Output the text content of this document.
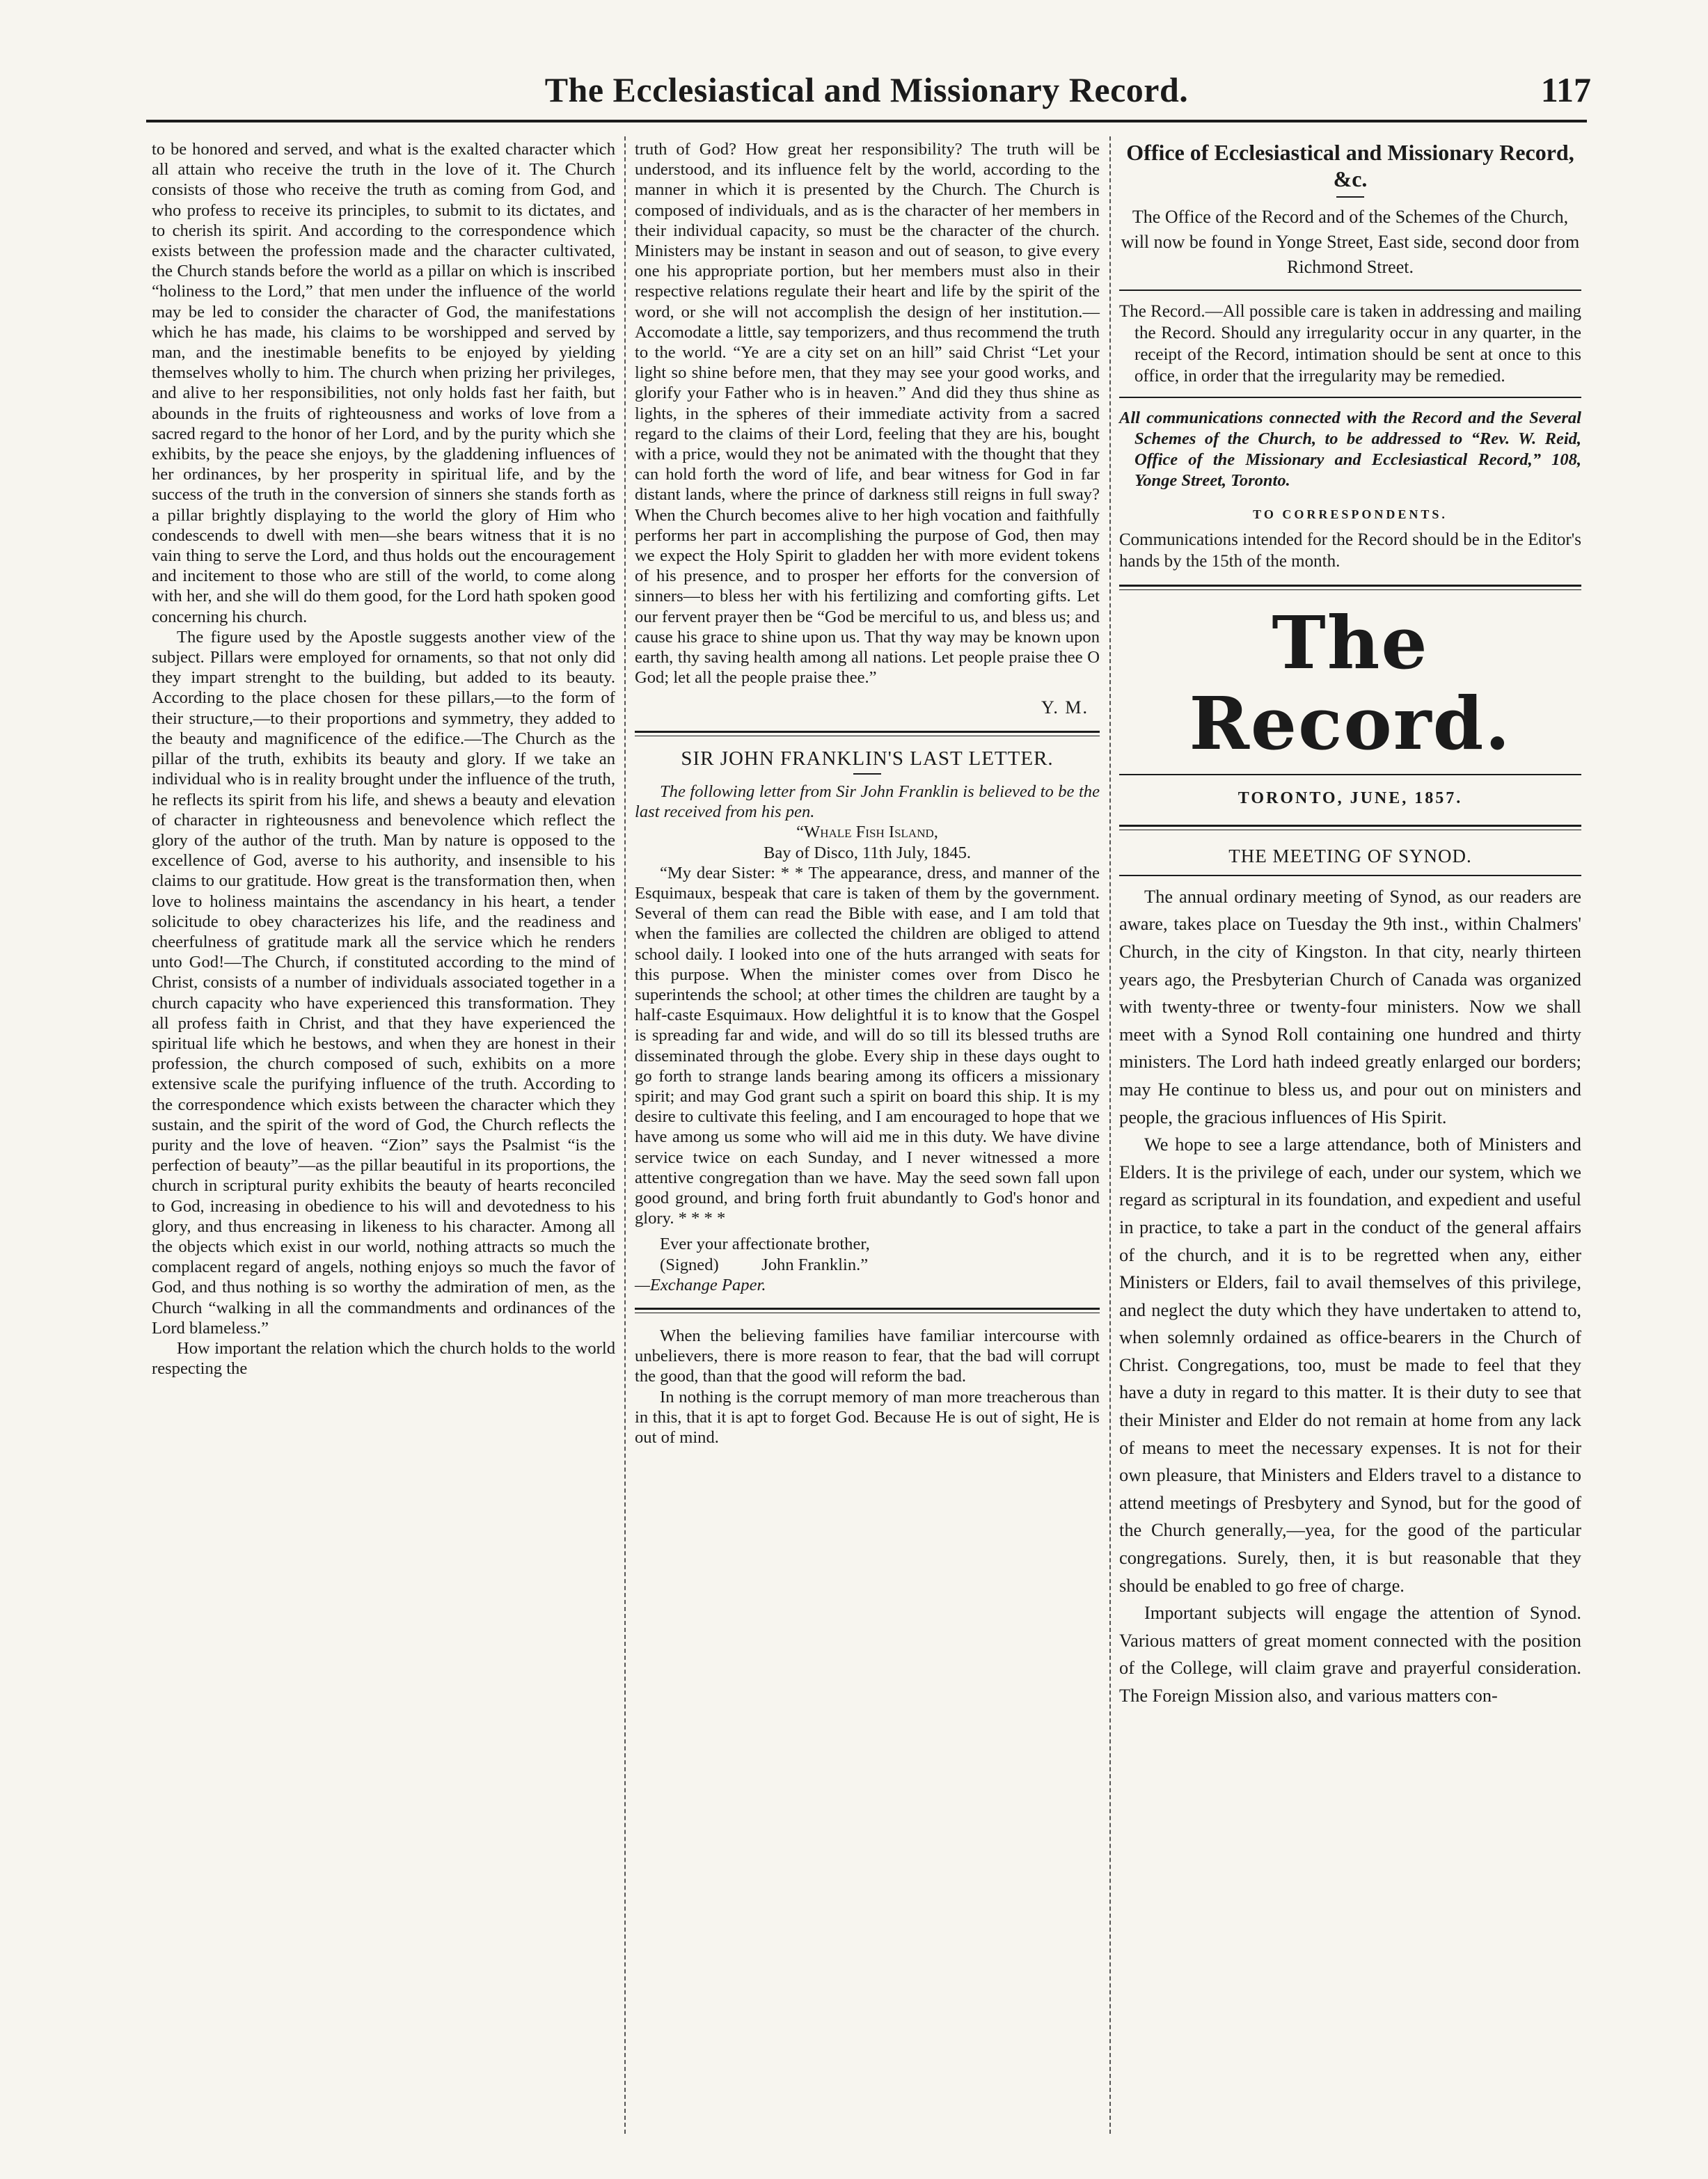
The Ecclesiastical and Missionary Record.	117

to be honored and served, and what is the exalted character which all attain who receive the truth in the love of it. The Church consists of those who receive the truth as coming from God, and who profess to receive its principles, to submit to its dictates, and to cherish its spirit. And according to the correspondence which exists between the profession made and the character cultivated, the Church stands before the world as a pillar on which is inscribed “holiness to the Lord,” that men under the influence of the world may be led to consider the character of God, the manifestations which he has made, his claims to be worshipped and served by man, and the inestimable benefits to be enjoyed by yielding themselves wholly to him. The church when prizing her privileges, and alive to her responsibilities, not only holds fast her faith, but abounds in the fruits of righteousness and works of love from a sacred regard to the honor of her Lord, and by the purity which she exhibits, by the peace she enjoys, by the gladdening influences of her ordinances, by her prosperity in spiritual life, and by the success of the truth in the conversion of sinners she stands forth as a pillar brightly displaying to the world the glory of Him who condescends to dwell with men—she bears witness that it is no vain thing to serve the Lord, and thus holds out the encouragement and incitement to those who are still of the world, to come along with her, and she will do them good, for the Lord hath spoken good concerning his church.

The figure used by the Apostle suggests another view of the subject. Pillars were employed for ornaments, so that not only did they impart strenght to the building, but added to its beauty. According to the place chosen for these pillars,—to the form of their structure,—to their proportions and symmetry, they added to the beauty and magnificence of the edifice.—The Church as the pillar of the truth, exhibits its beauty and glory. If we take an individual who is in reality brought under the influence of the truth, he reflects its spirit from his life, and shews a beauty and elevation of character in righteousness and benevolence which reflect the glory of the author of the truth. Man by nature is opposed to the excellence of God, averse to his authority, and insensible to his claims to our gratitude. How great is the transformation then, when love to holiness maintains the ascendancy in his heart, a tender solicitude to obey characterizes his life, and the readiness and cheerfulness of gratitude mark all the service which he renders unto God!—The Church, if constituted according to the mind of Christ, consists of a number of individuals associated together in a church capacity who have experienced this transformation. They all profess faith in Christ, and that they have experienced the spiritual life which he bestows, and when they are honest in their profession, the church composed of such, exhibits on a more extensive scale the purifying influence of the truth. According to the correspondence which exists between the character which they sustain, and the spirit of the word of God, the Church reflects the purity and the love of heaven. “Zion” says the Psalmist “is the perfection of beauty”—as the pillar beautiful in its proportions, the church in scriptural purity exhibits the beauty of hearts reconciled to God, increasing in obedience to his will and devotedness to his glory, and thus encreasing in likeness to his character. Among all the objects which exist in our world, nothing attracts so much the complacent regard of angels, nothing enjoys so much the favor of God, and thus nothing is so worthy the admiration of men, as the Church “walking in all the commandments and ordinances of the Lord blameless.”

How important the relation which the church holds to the world respecting the

truth of God? How great her responsibility? The truth will be understood, and its influence felt by the world, according to the manner in which it is presented by the Church. The Church is composed of individuals, and as is the character of her members in their individual capacity, so must be the character of the church. Ministers may be instant in season and out of season, to give every one his appropriate portion, but her members must also in their respective relations regulate their heart and life by the spirit of the word, or she will not accomplish the design of her institution.—Accomodate a little, say temporizers, and thus recommend the truth to the world. “Ye are a city set on an hill” said Christ “Let your light so shine before men, that they may see your good works, and glorify your Father who is in heaven.” And did they thus shine as lights, in the spheres of their immediate activity from a sacred regard to the claims of their Lord, feeling that they are his, bought with a price, would they not be animated with the thought that they can hold forth the word of life, and bear witness for God in far distant lands, where the prince of darkness still reigns in full sway? When the Church becomes alive to her high vocation and faithfully performs her part in accomplishing the purpose of God, then may we expect the Holy Spirit to gladden her with more evident tokens of his presence, and to prosper her efforts for the conversion of sinners—to bless her with his fertilizing and comforting gifts. Let our fervent prayer then be “God be merciful to us, and bless us; and cause his grace to shine upon us. That thy way may be known upon earth, thy saving health among all nations. Let people praise thee O God; let all the people praise thee.”

Y. M.

SIR JOHN FRANKLIN'S LAST LETTER.

The following letter from Sir John Franklin is believed to be the last received from his pen.

“Whale Fish Island,

Bay of Disco, 11th July, 1845.

“My dear Sister: * * The appearance, dress, and manner of the Esquimaux, bespeak that care is taken of them by the government. Several of them can read the Bible with ease, and I am told that when the families are collected the children are obliged to attend school daily. I looked into one of the huts arranged with seats for this purpose. When the minister comes over from Disco he superintends the school; at other times the children are taught by a half-caste Esquimaux. How delightful it is to know that the Gospel is spreading far and wide, and will do so till its blessed truths are disseminated through the globe. Every ship in these days ought to go forth to strange lands bearing among its officers a missionary spirit; and may God grant such a spirit on board this ship. It is my desire to cultivate this feeling, and I am encouraged to hope that we have among us some who will aid me in this duty. We have divine service twice on each Sunday, and I never witnessed a more attentive congregation than we have. May the seed sown fall upon good ground, and bring forth fruit abundantly to God's honor and glory. * * * *

Ever your affectionate brother,

(Signed)          John Franklin.”

—Exchange Paper.

When the believing families have familiar intercourse with unbelievers, there is more reason to fear, that the bad will corrupt the good, than that the good will reform the bad.

In nothing is the corrupt memory of man more treacherous than in this, that it is apt to forget God. Because He is out of sight, He is out of mind.

Office of Ecclesiastical and Missionary Record, &c.

The Office of the Record and of the Schemes of the Church, will now be found in Yonge Street, East side, second door from Richmond Street.

The Record.—All possible care is taken in addressing and mailing the Record. Should any irregularity occur in any quarter, in the receipt of the Record, intimation should be sent at once to this office, in order that the irregularity may be remedied.

All communications connected with the Record and the Several Schemes of the Church, to be addressed to “Rev. W. Reid, Office of the Missionary and Ecclesiastical Record,” 108, Yonge Street, Toronto.

TO CORRESPONDENTS.

Communications intended for the Record should be in the Editor's hands by the 15th of the month.

The Record.

TORONTO, JUNE, 1857.

THE MEETING OF SYNOD.

The annual ordinary meeting of Synod, as our readers are aware, takes place on Tuesday the 9th inst., within Chalmers' Church, in the city of Kingston. In that city, nearly thirteen years ago, the Presbyterian Church of Canada was organized with twenty-three or twenty-four ministers. Now we shall meet with a Synod Roll containing one hundred and thirty ministers. The Lord hath indeed greatly enlarged our borders; may He continue to bless us, and pour out on ministers and people, the gracious influences of His Spirit.

We hope to see a large attendance, both of Ministers and Elders. It is the privilege of each, under our system, which we regard as scriptural in its foundation, and expedient and useful in practice, to take a part in the conduct of the general affairs of the church, and it is to be regretted when any, either Ministers or Elders, fail to avail themselves of this privilege, and neglect the duty which they have undertaken to attend to, when solemnly ordained as office-bearers in the Church of Christ. Congregations, too, must be made to feel that they have a duty in regard to this matter. It is their duty to see that their Minister and Elder do not remain at home from any lack of means to meet the necessary expenses. It is not for their own pleasure, that Ministers and Elders travel to a distance to attend meetings of Presbytery and Synod, but for the good of the Church generally,—yea, for the good of the particular congregations. Surely, then, it is but reasonable that they should be enabled to go free of charge.

Important subjects will engage the attention of Synod. Various matters of great moment connected with the position of the College, will claim grave and prayerful consideration. The Foreign Mission also, and various matters con-
